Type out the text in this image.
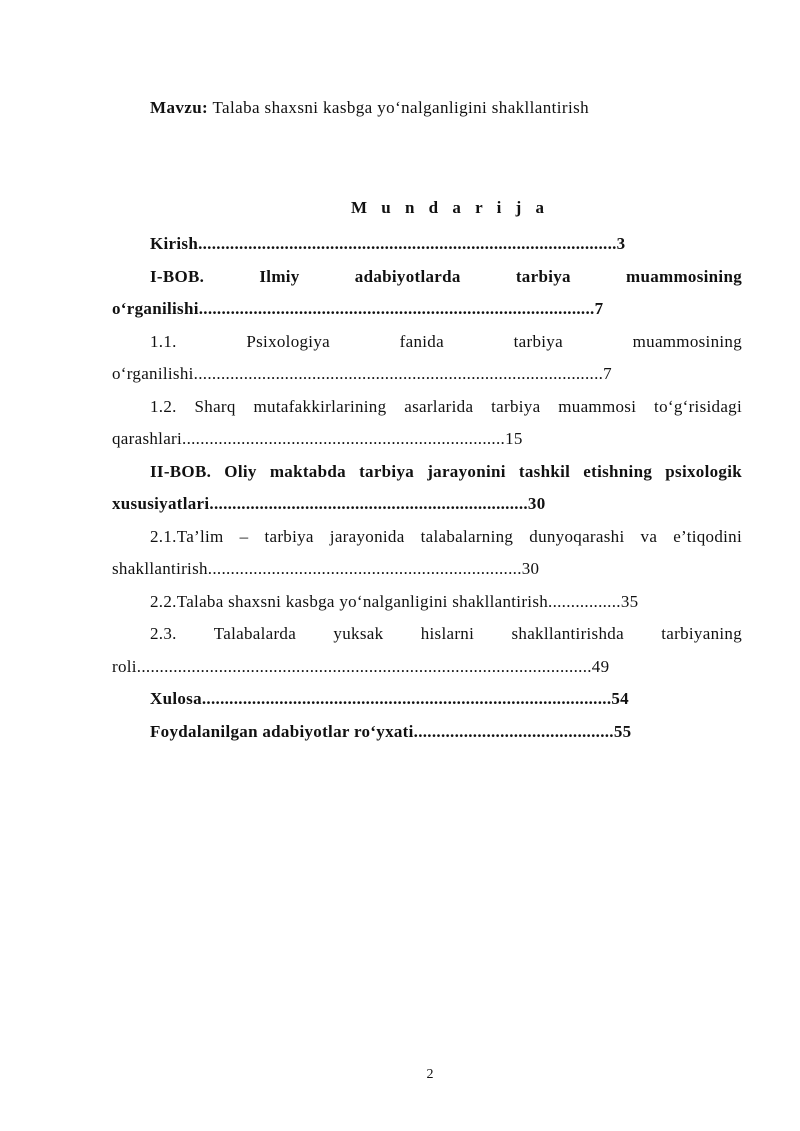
Mavzu: Talaba shaxsni kasbga yo‘nalganligini shakllantirish
M u n d a r i j a
Kirish............................................................................................3
I-BOB. Ilmiy adabiyotlarda tarbiya muammosining o‘rganilishi.......................................................................................7
1.1. Psixologiya fanida tarbiya muammosining o‘rganilishi..........................................................................................7
1.2. Sharq mutafakkirlarining asarlarida tarbiya muammosi to‘g‘risidagi qarashlari.......................................................................15
II-BOB. Oliy maktabda tarbiya jarayonini tashkil etishning psixologik xususiyatlari......................................................................30
2.1.Ta’lim – tarbiya jarayonida talabalarning dunyoqarashi va e’tiqodini shakllantirish.....................................................................30
2.2.Talaba shaxsni kasbga yo‘nalganligini shakllantirish................35
2.3. Talabalarda yuksak hislarni shakllantirishda tarbiyaning roli....................................................................................................49
Xulosa..........................................................................................54
Foydalanilgan adabiyotlar ro‘yxati............................................55
2
